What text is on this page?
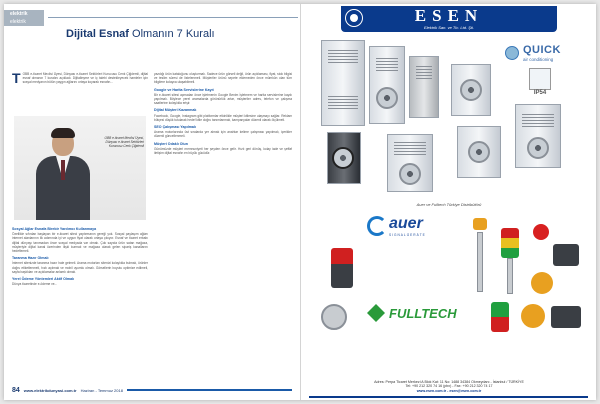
elektrik
elektrik
Dijital Esnaf Olmanın 7 Kuralı
T OBB e-ticaret Meclisi Üyesi, Dünyası e-ticaret Sektörleri Kurucusu Cenk Çiğdemli, dijital esnaf olmanın 7 kuralını açıkladı. Dijitalleşme ve iç talebi destekleyecek hamleler için sosyal medyanın bütün yaygın ağlarını ortaya koyarak esnafın...
OBB e-ticaret Meclisi Üyesi, Dünyası e-ticaret Sektörleri Kurucusu Cenk Çiğdemli
Sosyal Ağlar Esnafa Birebir Yardımcı Kullanmaya
Özellikle sıfırdan başlayan bir e-ticaret siteci yaptırmanın gereği yok. Sosyal paylaşım ağları internet alanlarının ilk adımında iyi ve uygun fiyat olarak ortaya çıkıyor. Esnaf ve ticaret erbabı dijital dünyayı tanımadan önce sosyal medyada var olmalı. Çok sayıda ürün satan mağaza, müşteriyle dijital kanal üzerinden ilişki kurmalı ve mağaza olarak gelen sipariş kanallarını hedeflemeli.
Taranma Hazır Olmalı
İnternet sitenizde taranma hazır hale gelmeli. Arama motorları sitenizi kolaylıkla bulmalı, ürünler doğru etiketlenmeli, hızlı açılmalı ve mobil uyumlu olmalı. Görsellerin boyutu optimize edilmeli, sayfa başlıkları ve açıklamalar anlamlı olmalı.
Yerel Ödeme Yöntemleri Aktif Olmalı
Dünya ticaretinde e-ödeme ve...
yazdığı ürün kataloğunu oluşturmalı. Sadece ürün görseli değil, ürün açıklaması, fiyat, stok bilgisi ve teslim süresi de listelenmeli. Müşteriler ürünü sepete eklemeden önce mümkün olan tüm bilgilere kolayca ulaşabilmeli.
Google ve Harita Servislerine Kayıt
Bir e-ticaret sitesi açmadan önce işletmenin Google Benim İşletmem ve harita servislerine kaydı yapılmalı. Böylece yerel aramalarda görünürlük artar, müşteriler adres, telefon ve çalışma saatlerine kolaylıkla erişir.
Dijital Müşteri Kazanmak
Facebook, Google, Instagram gibi platformlar etkinlikle müşteri kitlesine ulaşmayı sağlar. Reklam bütçesi düşük tutularak hedef kitle doğru tanımlanmalı, kampanyalar düzenli olarak ölçülmeli.
SEO Çalışması Yapılmalı
Arama motorlarında üst sıralarda yer almak için anahtar kelime çalışması yapılmalı, içerikler düzenli güncellenmeli.
Müşteri Odaklı Olun
Günümüzde müşteri memnuniyeti her şeyden önce gelir. Hızlı geri dönüş, kolay iade ve şeffaf iletişim dijital esnafın en büyük gücüdür.
84 www.elektrikdunyasi.com.tr Haziran - Temmuz 2018
ESEN
Elektrik San. ve Tic. Ltd. Şti.
QUICK
air conditioning
IP54
Auer ve Fulltech Türkiye Distribütörü
auer
SIGNALGERÄTE
FULLTECH
Adres: Perpa Ticaret Merkezi A Blok Kat: 11 No: 1488 34384 Okmeydanı - İstanbul / TÜRKİYE
Tel: +90 212 320 74 16 (pbx) - Fax: +90 212 320 74 17
www.esen.com.tr - esen@esen.com.tr
